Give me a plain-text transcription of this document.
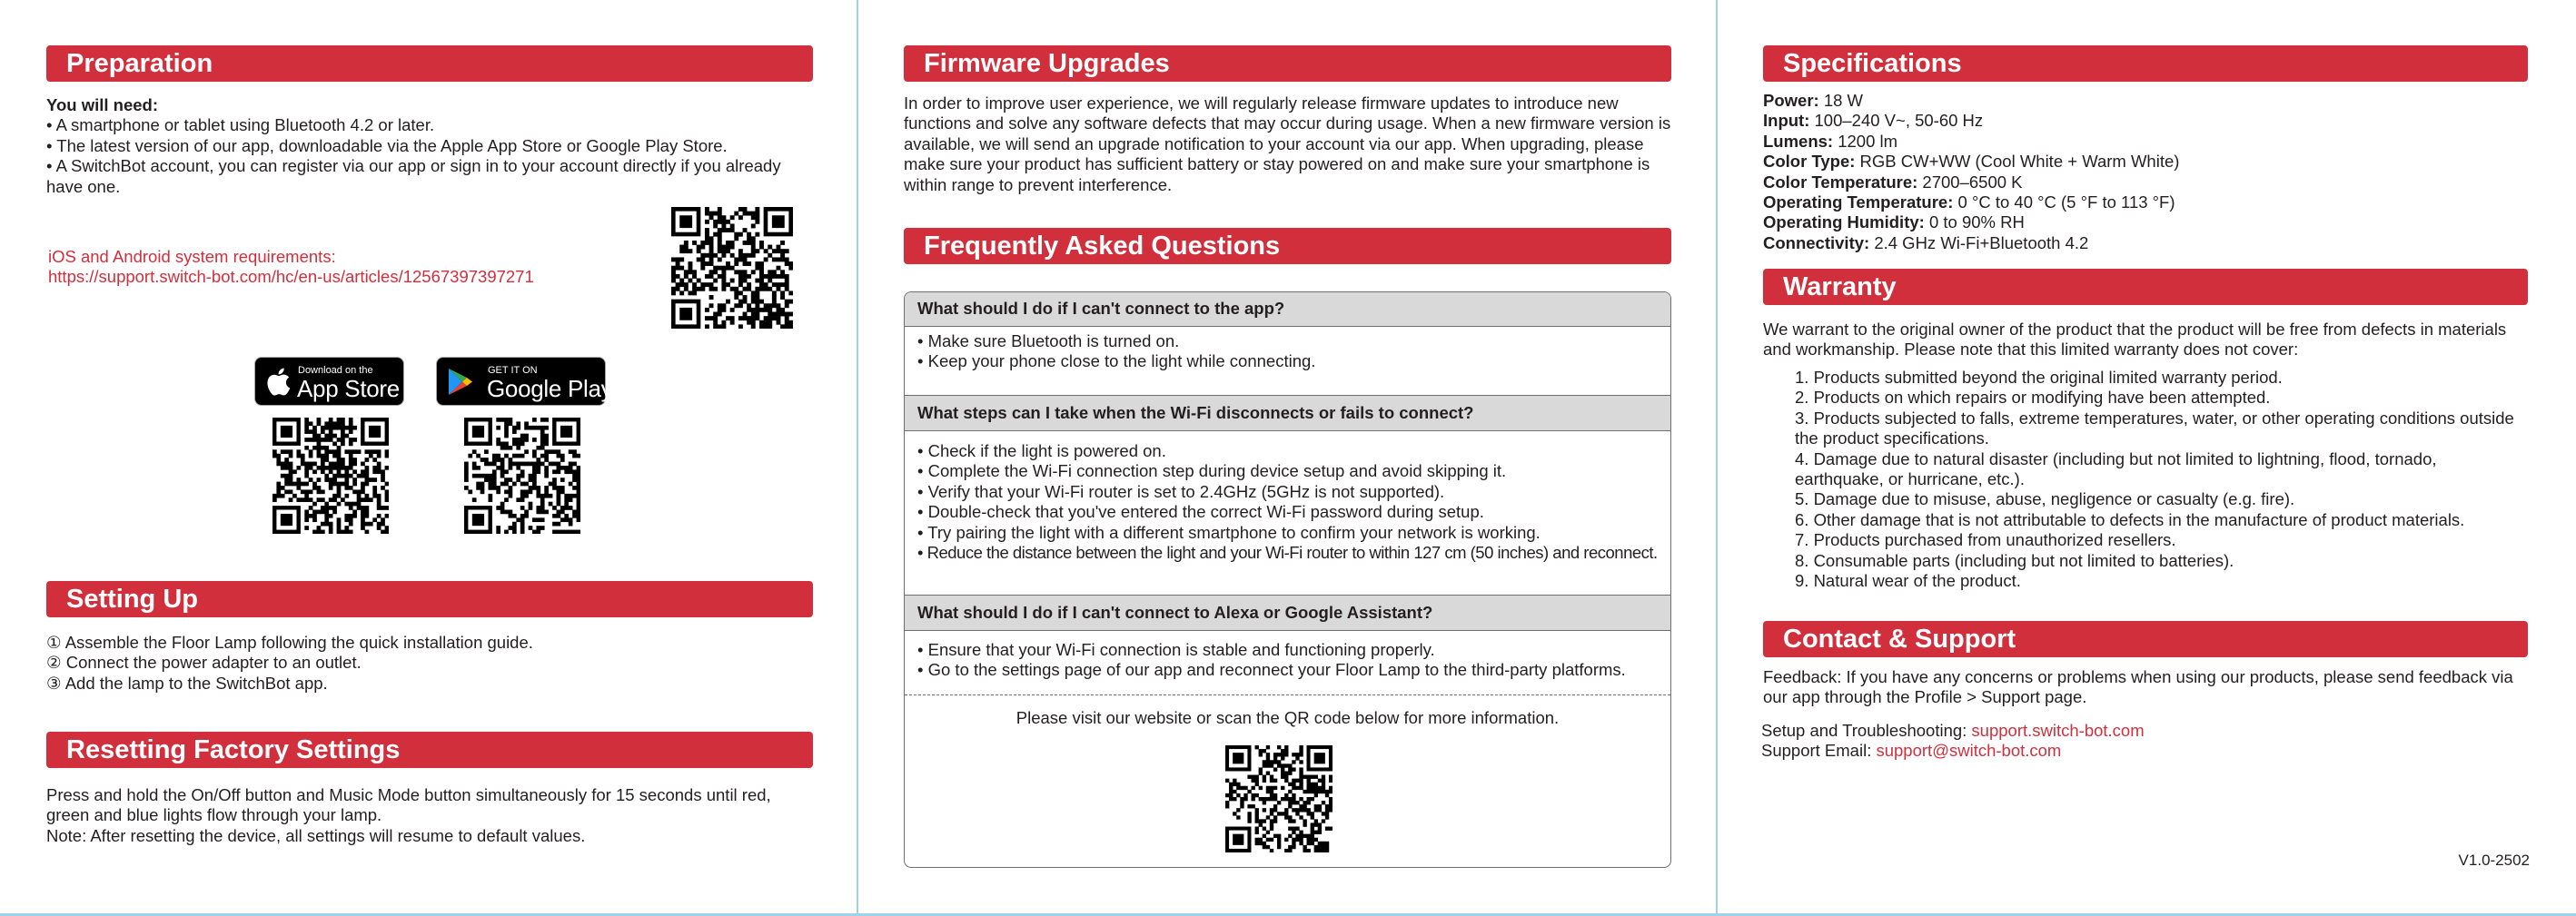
Preparation

You will need:

• A smartphone or tablet using Bluetooth 4.2 or later.

• The latest version of our app, downloadable via the Apple App Store or Google Play Store.

• A SwitchBot account, you can register via our app or sign in to your account directly if you already have one.

iOS and Android system requirements:

https://support.switch-bot.com/hc/en-us/articles/12567397397271

Download on the
App Store
GET IT ON
Google Play
Setting Up

① Assemble the Floor Lamp following the quick installation guide.

② Connect the power adapter to an outlet.

③ Add the lamp to the SwitchBot app.

Resetting Factory Settings

Press and hold the On/Off button and Music Mode button simultaneously for 15 seconds until red, green and blue lights flow through your lamp.

Note: After resetting the device, all settings will resume to default values.

Firmware Upgrades

In order to improve user experience, we will regularly release firmware updates to introduce new functions and solve any software defects that may occur during usage. When a new firmware version is available, we will send an upgrade notification to your account via our app. When upgrading, please make sure your product has sufficient battery or stay powered on and make sure your smartphone is within range to prevent interference.

Frequently Asked Questions
What should I do if I can't connect to the app?

• Make sure Bluetooth is turned on.

• Keep your phone close to the light while connecting.

What steps can I take when the Wi-Fi disconnects or fails to connect?

• Check if the light is powered on.

• Complete the Wi-Fi connection step during device setup and avoid skipping it.

• Verify that your Wi-Fi router is set to 2.4GHz (5GHz is not supported).

• Double-check that you've entered the correct Wi-Fi password during setup.

• Try pairing the light with a different smartphone to confirm your network is working.

• Reduce the distance between the light and your Wi-Fi router to within 127 cm (50 inches) and reconnect.

What should I do if I can't connect to Alexa or Google Assistant?

• Ensure that your Wi-Fi connection is stable and functioning properly.

• Go to the settings page of our app and reconnect your Floor Lamp to the third-party platforms.

Please visit our website or scan the QR code below for more information.
Specifications

Power: 18 W

Input: 100–240 V~, 50-60 Hz

Lumens: 1200 lm

Color Type: RGB CW+WW (Cool White + Warm White)

Color Temperature: 2700–6500 K

Operating Temperature: 0 °C to 40 °C (5 °F to 113 °F)

Operating Humidity: 0 to 90% RH

Connectivity: 2.4 GHz Wi-Fi+Bluetooth 4.2

Warranty
We warrant to the original owner of the product that the product will be free from defects in materials and workmanship. Please note that this limited warranty does not cover:
1. Products submitted beyond the original limited warranty period.
2. Products on which repairs or modifying have been attempted.
3. Products subjected to falls, extreme temperatures, water, or other operating conditions outside the product specifications.
4. Damage due to natural disaster (including but not limited to lightning, flood, tornado, earthquake, or hurricane, etc.).
5. Damage due to misuse, abuse, negligence or casualty (e.g. fire).
6. Other damage that is not attributable to defects in the manufacture of product materials.
7. Products purchased from unauthorized resellers.
8. Consumable parts (including but not limited to batteries).
9. Natural wear of the product.
Contact & Support
Feedback: If you have any concerns or problems when using our products, please send feedback via our app through the Profile > Support page.

Setup and Troubleshooting: support.switch-bot.com

Support Email: support@switch-bot.com

V1.0-2502
